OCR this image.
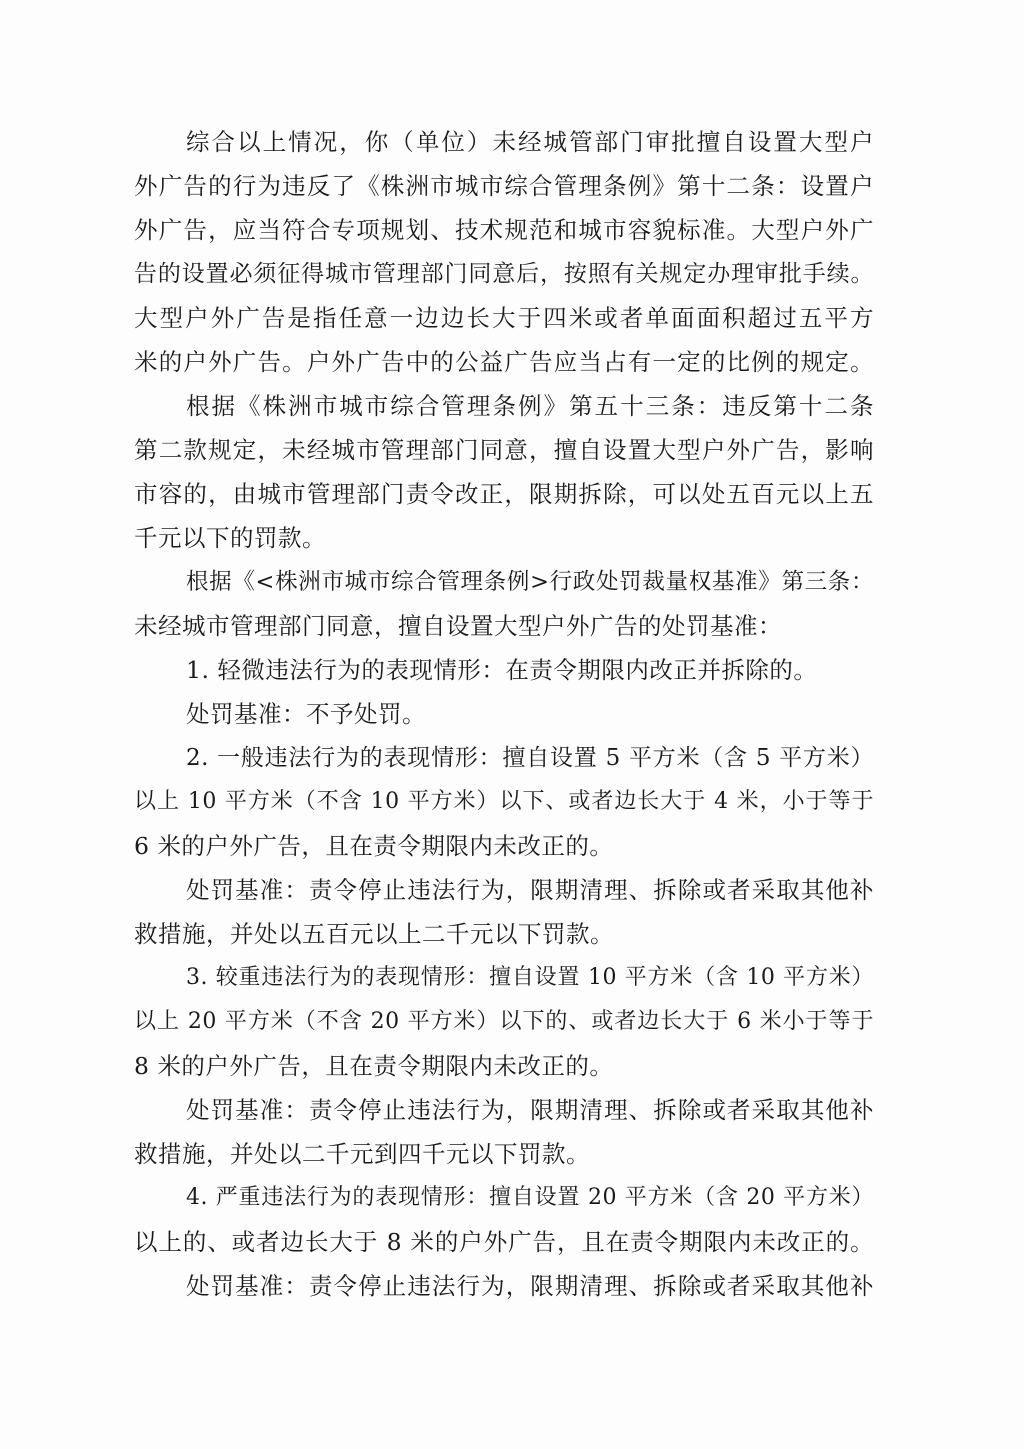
综合以上情况，你（单位）未经城管部门审批擅自设置大型户
外广告的行为违反了《株洲市城市综合管理条例》第十二条：设置户
外广告，应当符合专项规划、技术规范和城市容貌标准。大型户外广
告的设置必须征得城市管理部门同意后，按照有关规定办理审批手续。
大型户外广告是指任意一边边长大于四米或者单面面积超过五平方
米的户外广告。户外广告中的公益广告应当占有一定的比例的规定。
根据《株洲市城市综合管理条例》第五十三条：违反第十二条
第二款规定，未经城市管理部门同意，擅自设置大型户外广告，影响
市容的，由城市管理部门责令改正，限期拆除，可以处五百元以上五
千元以下的罚款。
根据《<株洲市城市综合管理条例>行政处罚裁量权基准》第三条：
未经城市管理部门同意，擅自设置大型户外广告的处罚基准：
1. 轻微违法行为的表现情形：在责令期限内改正并拆除的。
处罚基准：不予处罚。
2. 一般违法行为的表现情形：擅自设置 5 平方米（含 5 平方米）
以上 10 平方米（不含 10 平方米）以下、或者边长大于 4 米，小于等于
6 米的户外广告，且在责令期限内未改正的。
处罚基准：责令停止违法行为，限期清理、拆除或者采取其他补
救措施，并处以五百元以上二千元以下罚款。
3. 较重违法行为的表现情形：擅自设置 10 平方米（含 10 平方米）
以上 20 平方米（不含 20 平方米）以下的、或者边长大于 6 米小于等于
8 米的户外广告，且在责令期限内未改正的。
处罚基准：责令停止违法行为，限期清理、拆除或者采取其他补
救措施，并处以二千元到四千元以下罚款。
4. 严重违法行为的表现情形：擅自设置 20 平方米（含 20 平方米）
以上的、或者边长大于 8 米的户外广告，且在责令期限内未改正的。
处罚基准：责令停止违法行为，限期清理、拆除或者采取其他补
